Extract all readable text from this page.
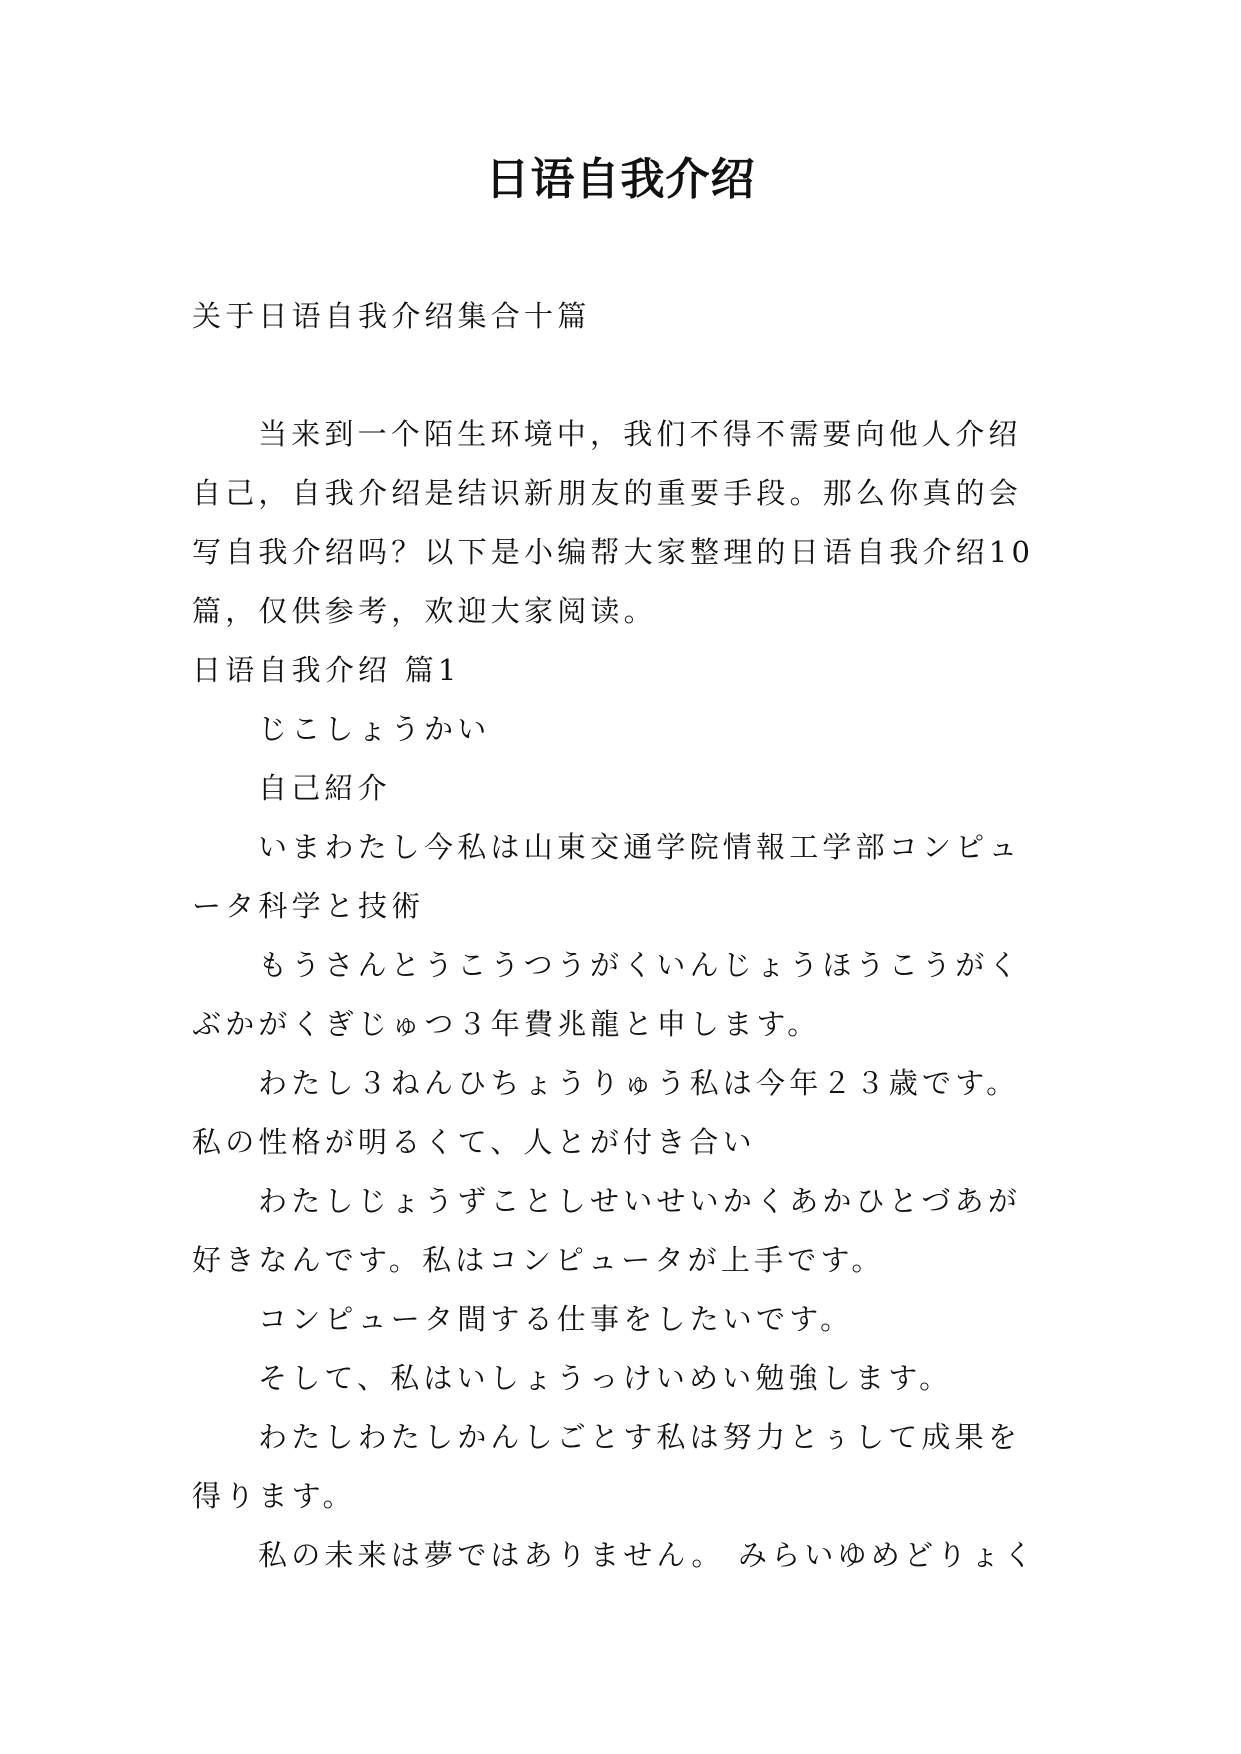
日语自我介绍

关于日语自我介绍集合十篇

当来到一个陌生环境中，我们不得不需要向他人介绍自己，自我介绍是结识新朋友的重要手段。那么你真的会写自我介绍吗？以下是小编帮大家整理的日语自我介绍10篇，仅供参考，欢迎大家阅读。

日语自我介绍 篇1

じこしょうかい

自己紹介

いまわたし今私は山東交通学院情報工学部コンピュータ科学と技術

もうさんとうこうつうがくいんじょうほうこうがくぶかがくぎじゅつ３年費兆龍と申します。

わたし３ねんひちょうりゅう私は今年２３歳です。私の性格が明るくて、人とが付き合い

わたしじょうずことしせいせいかくあかひとづあが好きなんです。私はコンピュータが上手です。

コンピュータ間する仕事をしたいです。

そして、私はいしょうっけいめい勉強します。

わたしわたしかんしごとす私は努力とぅして成果を得ります。

私の未来は夢ではありません。 みらいゆめどりょく
